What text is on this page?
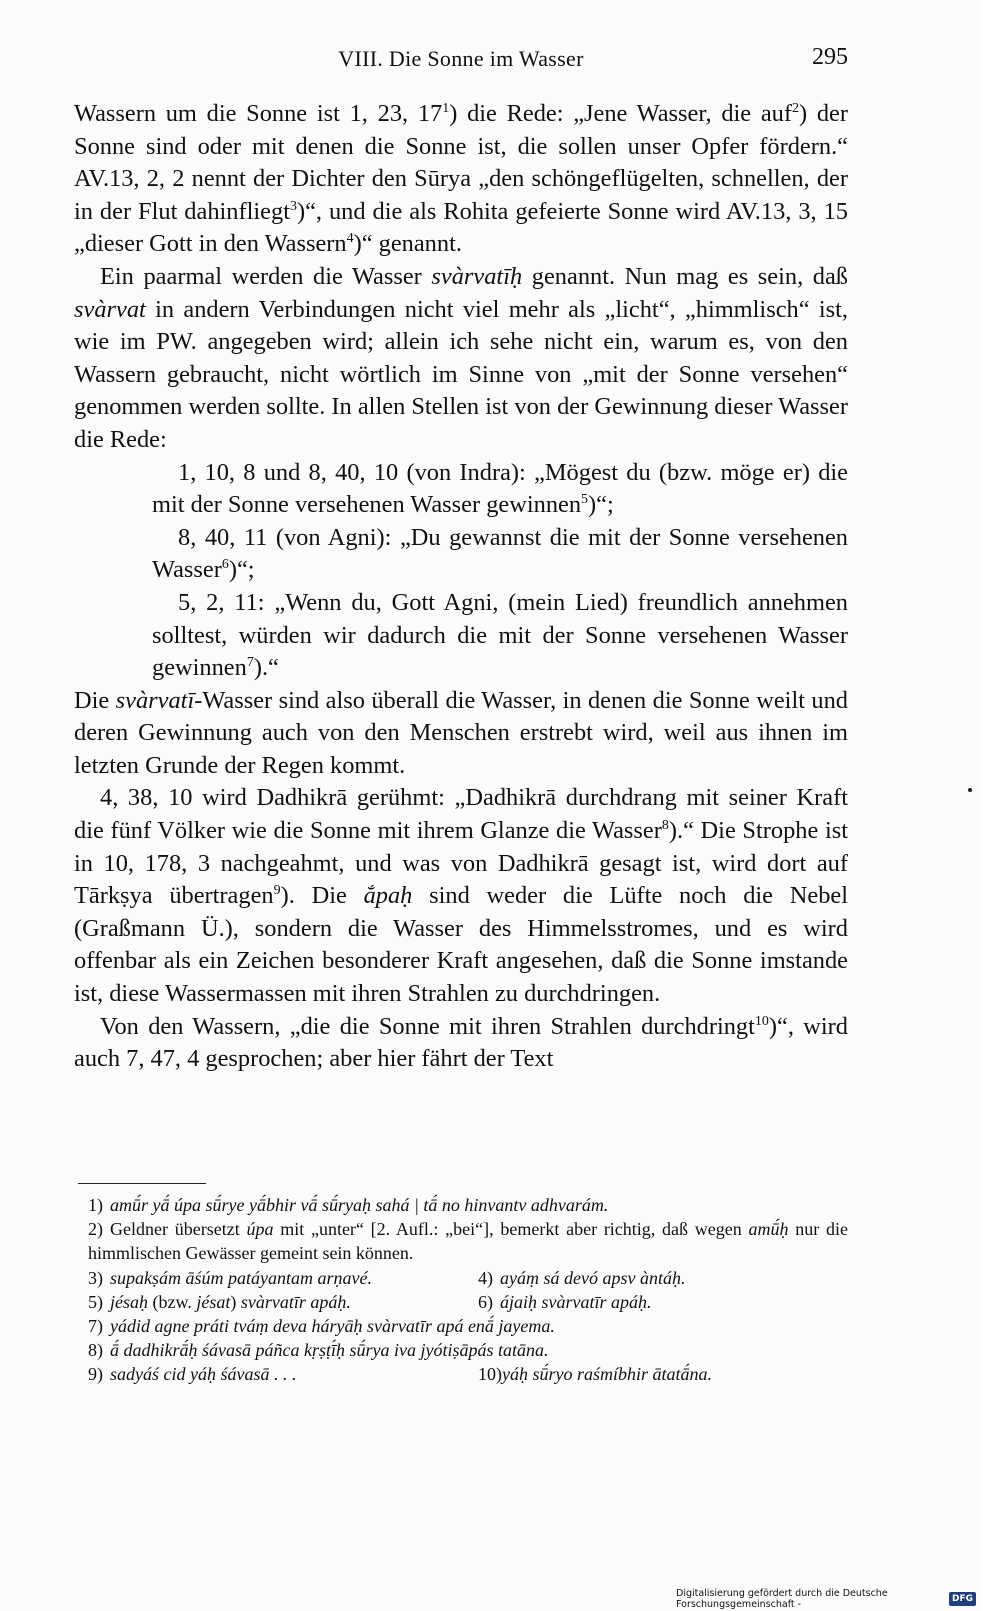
VIII. Die Sonne im Wasser	295

Wassern um die Sonne ist 1, 23, $17^1$) die Rede: „Jene Wasser, die auf$^2$) der Sonne sind oder mit denen die Sonne ist, die sollen unser Opfer fördern.“ AV.13, 2, 2 nennt der Dichter den Sūrya „den schöngeflügelten, schnellen, der in der Flut dahinfliegt$^3$)“, und die als Rohita gefeierte Sonne wird AV.13, 3, 15 „dieser Gott in den Wassern$^4$)“ genannt.

Ein paarmal werden die Wasser svàrvatīḥ genannt. Nun mag es sein, daß svàrvat in andern Verbindungen nicht viel mehr als „licht“, „himmlisch“ ist, wie im PW. angegeben wird; allein ich sehe nicht ein, warum es, von den Wassern gebraucht, nicht wörtlich im Sinne von „mit der Sonne versehen“ genommen werden sollte. In allen Stellen ist von der Gewinnung dieser Wasser die Rede:

1, 10, 8 und 8, 40, 10 (von Indra): „Mögest du (bzw. möge er) die mit der Sonne versehenen Wasser gewinnen$^5$)“;

8, 40, 11 (von Agni): „Du gewannst die mit der Sonne versehenen Wasser$^6$)“;

5, 2, 11: „Wenn du, Gott Agni, (mein Lied) freundlich annehmen solltest, würden wir dadurch die mit der Sonne versehenen Wasser gewinnen$^7$).“

Die svàrvatī-Wasser sind also überall die Wasser, in denen die Sonne weilt und deren Gewinnung auch von den Menschen erstrebt wird, weil aus ihnen im letzten Grunde der Regen kommt.

4, 38, 10 wird Dadhikrā gerühmt: „Dadhikrā durchdrang mit seiner Kraft die fünf Völker wie die Sonne mit ihrem Glanze die Wasser$^8$).“ Die Strophe ist in 10, 178, 3 nachgeahmt, und was von Dadhikrā gesagt ist, wird dort auf Tārkṣya übertragen$^9$). Die ắpaḥ sind weder die Lüfte noch die Nebel (Graßmann Ü.), sondern die Wasser des Himmelsstromes, und es wird offenbar als ein Zeichen besonderer Kraft angesehen, daß die Sonne imstande ist, diese Wassermassen mit ihren Strahlen zu durchdringen.

Von den Wassern, „die die Sonne mit ihren Strahlen durchdringt$^{10}$)“, wird auch 7, 47, 4 gesprochen; aber hier fährt der Text

1) amū́r yā́ úpa sū́rye yā́bhir vā́ sū́ryaḥ sahá | tā́ no hinvantv adhvarám.

2) Geldner übersetzt úpa mit „unter“ [2. Aufl.: „bei“], bemerkt aber richtig, daß wegen amū́ḥ nur die himmlischen Gewässer gemeint sein können.

3) supakṣám āśúm patáyantam arṇavé.	4) ayáṃ sá devó apsv àntáḥ.

5) jésaḥ (bzw. jésat) svàrvatīr apáḥ.	6) ájaiḥ svàrvatīr apáḥ.

7) yádid agne práti tváṃ deva háryāḥ svàrvatīr apá enā́ jayema.

8) ā́ dadhikrā́ḥ śávasā páñca kṛṣṭī́ḥ sū́rya iva jyótiṣāpás tatāna.

9) sadyáś cid yáḥ śávasā . . .	10)yáḥ sū́ryo raśmíbhir ātatā́na.

Digitalisierung gefördert durch die Deutsche Forschungsgemeinschaft -	DFG
